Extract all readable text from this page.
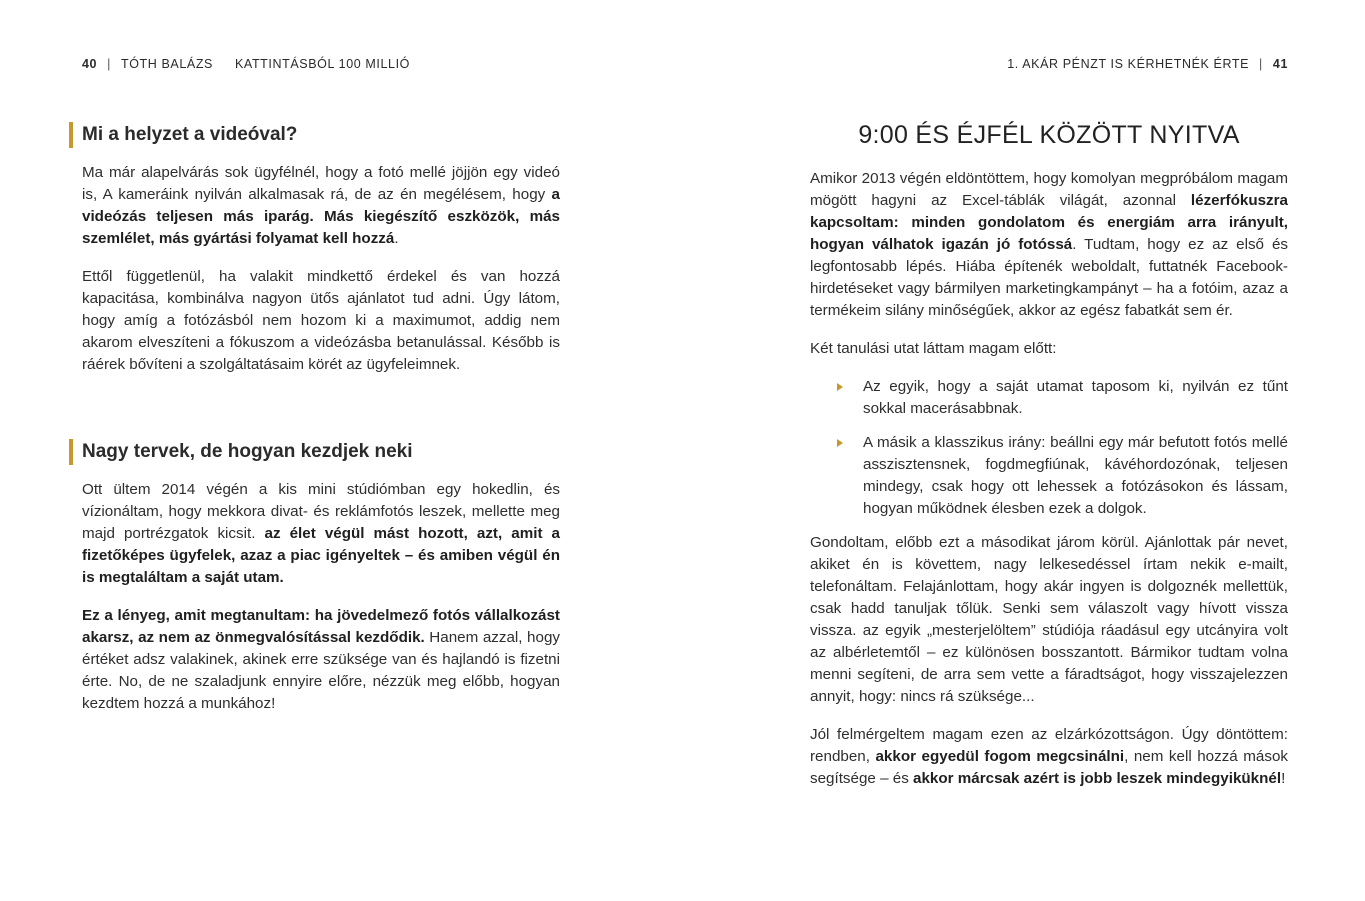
40 | TÓTH BALÁZS KATTINTÁSBÓL 100 MILLIÓ
Mi a helyzet a videóval?

Ma már alapelvárás sok ügyfélnél, hogy a fotó mellé jöjjön egy videó is, A kameráink nyilván alkalmasak rá, de az én megélésem, hogy a videózás teljesen más iparág. Más kiegészítő eszközök, más szemlélet, más gyártási folyamat kell hozzá.

Ettől függetlenül, ha valakit mindkettő érdekel és van hozzá kapacitása, kombinálva nagyon ütős ajánlatot tud adni. Úgy látom, hogy amíg a fotózásból nem hozom ki a maximumot, addig nem akarom elveszíteni a fókuszom a videózásba betanulással. Később is ráérek bővíteni a szolgáltatásaim körét az ügyfeleimnek.

Nagy tervek, de hogyan kezdjek neki

Ott ültem 2014 végén a kis mini stúdiómban egy hokedlin, és vízionáltam, hogy mekkora divat- és reklámfotós leszek, mellette meg majd portrézgatok kicsit. az élet végül mást hozott, azt, amit a fizetőképes ügyfelek, azaz a piac igényeltek – és amiben végül én is megtaláltam a saját utam.

Ez a lényeg, amit megtanultam: ha jövedelmező fotós vállalkozást akarsz, az nem az önmegvalósítással kezdődik. Hanem azzal, hogy értéket adsz valakinek, akinek erre szüksége van és hajlandó is fizetni érte. No, de ne szaladjunk ennyire előre, nézzük meg előbb, hogyan kezdtem hozzá a munkához!

1. AKÁR PÉNZT IS KÉRHETNÉK ÉRTE | 41
9:00 ÉS ÉJFÉL KÖZÖTT NYITVA

Amikor 2013 végén eldöntöttem, hogy komolyan megpróbálom magam mögött hagyni az Excel-táblák világát, azonnal lézerfókuszra kapcsoltam: minden gondolatom és energiám arra irányult, hogyan válhatok igazán jó fotóssá. Tudtam, hogy ez az első és legfontosabb lépés. Hiába építenék weboldalt, futtatnék Facebook-hirdetéseket vagy bármilyen marketingkampányt – ha a fotóim, azaz a termékeim silány minőségűek, akkor az egész fabatkát sem ér.

Két tanulási utat láttam magam előtt:

Az egyik, hogy a saját utamat taposom ki, nyilván ez tűnt sokkal macerásabbnak.
A másik a klasszikus irány: beállni egy már befutott fotós mellé asszisztensnek, fogdmegfiúnak, kávéhordozónak, teljesen mindegy, csak hogy ott lehessek a fotózásokon és lássam, hogyan működnek élesben ezek a dolgok.

Gondoltam, előbb ezt a másodikat járom körül. Ajánlottak pár nevet, akiket én is követtem, nagy lelkesedéssel írtam nekik e-mailt, telefonáltam. Felajánlottam, hogy akár ingyen is dolgoznék mellettük, csak hadd tanuljak tőlük. Senki sem válaszolt vagy hívott vissza vissza. az egyik „mesterjelöltem” stúdiója ráadásul egy utcányira volt az albérletemtől – ez különösen bosszantott. Bármikor tudtam volna menni segíteni, de arra sem vette a fáradtságot, hogy visszajelezzen annyit, hogy: nincs rá szüksége...

Jól felmérgeltem magam ezen az elzárkózottságon. Úgy döntöttem: rendben, akkor egyedül fogom megcsinálni, nem kell hozzá mások segítsége – és akkor márcsak azért is jobb leszek mindegyiküknél!
